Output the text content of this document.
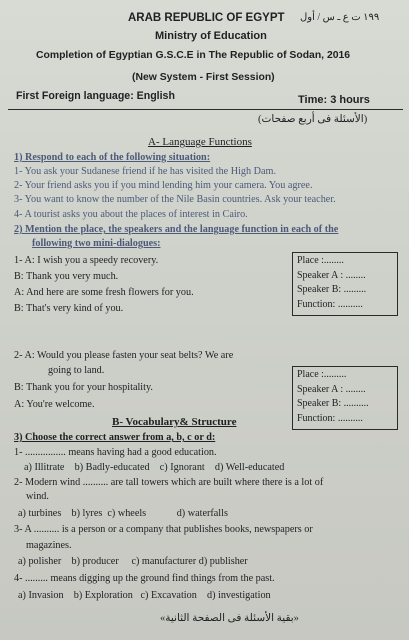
ARAB REPUBLIC OF EGYPT ١٩٩ ت ع ـ س / أول
Ministry of Education
Completion of Egyptian G.S.C.E in The Republic of Sodan, 2016
(New System - First Session)
First Foreign language: English	Time: 3 hours
(الأسئلة فى أربع صفحات)
A- Language Functions
1) Respond to each of the following situation:
1- You ask your Sudanese friend if he has visited the High Dam.
2- Your friend asks you if you mind lending him your camera. You agree.
3- You want to know the number of the Nile Basin countries. Ask your teacher.
4- A tourist asks you about the places of interest in Cairo.
2) Mention the place, the speakers and the language function in each of the
following two mini-dialogues:
1- A: I wish you a speedy recovery.
B: Thank you very much.
A: And here are some fresh flowers for you.
B: That's very kind of you.
Place :........
Speaker A : ........
Speaker B: .........
Function: ..........
2- A: Would you please fasten your seat belts? We are
going to land.
B: Thank you for your hospitality.
A: You're welcome.
Place :.........
Speaker A : ........
Speaker B: ..........
Function: ..........
B- Vocabulary& Structure
3) Choose the correct answer from a, b, c or d:
1- ................ means having had a good education.
a) Illitrate    b) Badly-educated    c) Ignorant    d) Well-educated
2- Modern wind .......... are tall towers which are built where there is a lot of
wind.
a) turbines    b) lyres  c) wheels            d) waterfalls
3- A .......... is a person or a company that publishes books, newspapers or
magazines.
a) polisher    b) producer     c) manufacturer d) publisher
4- ......... means digging up the ground find things from the past.
a) Invasion    b) Exploration   c) Excavation    d) investigation
«بقية الأسئلة فى الصفحة الثانية»
